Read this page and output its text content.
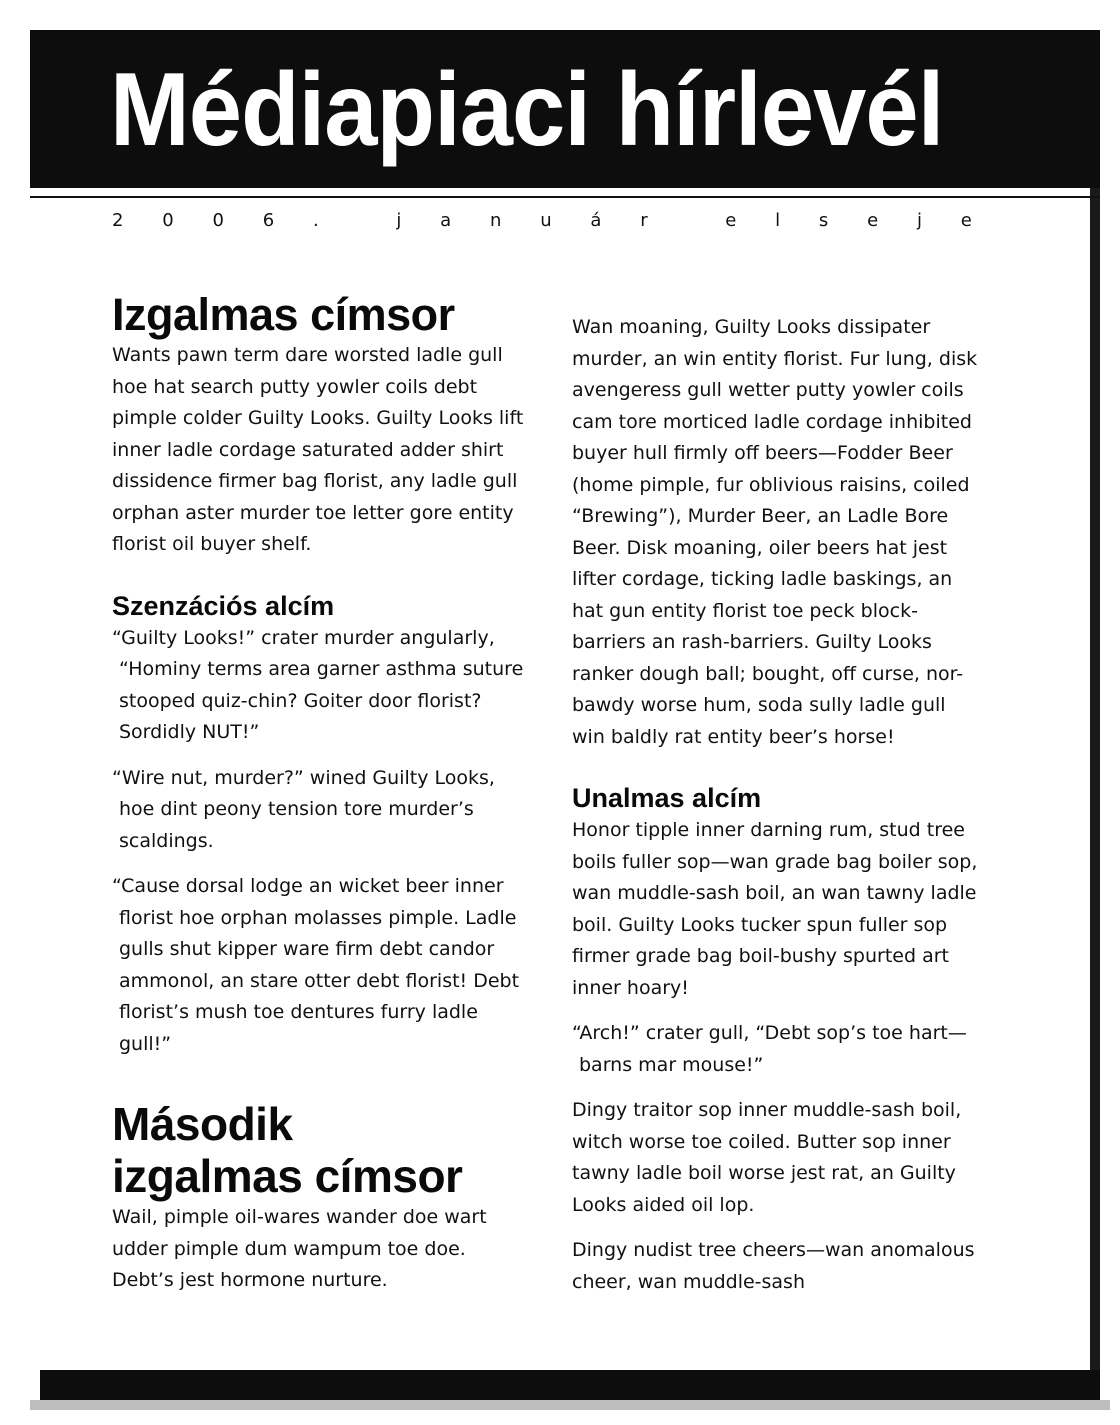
Médiapiaci hírlevél
2 0 0 6 .	j a n u á r	e l s e j e
Izgalmas címsor

Wants pawn term dare worsted ladle gull hoe hat search putty yowler coils debt pimple colder Guilty Looks. Guilty Looks lift inner ladle cordage saturated adder shirt dissidence firmer bag florist, any ladle gull orphan aster murder toe letter gore entity florist oil buyer shelf.

Szenzációs alcím

“Guilty Looks!” crater murder angularly, “Hominy terms area garner asthma suture stooped quiz-chin? Goiter door florist? Sordidly NUT!”

“Wire nut, murder?” wined Guilty Looks, hoe dint peony tension tore murder’s scaldings.

“Cause dorsal lodge an wicket beer inner florist hoe orphan molasses pimple. Ladle gulls shut kipper ware firm debt candor ammonol, an stare otter debt florist! Debt florist’s mush toe dentures furry ladle gull!”

Második
izgalmas címsor

Wail, pimple oil-wares wander doe wart udder pimple dum wampum toe doe. Debt’s jest hormone nurture.

Wan moaning, Guilty Looks dissipater murder, an win entity florist. Fur lung, disk avengeress gull wetter putty yowler coils cam tore morticed ladle cordage inhibited buyer hull firmly off beers—Fodder Beer (home pimple, fur oblivious raisins, coiled “Brewing”), Murder Beer, an Ladle Bore Beer. Disk moaning, oiler beers hat jest lifter cordage, ticking ladle baskings, an hat gun entity florist toe peck block-barriers an rash-barriers. Guilty Looks ranker dough ball; bought, off curse, nor-bawdy worse hum, soda sully ladle gull win baldly rat entity beer’s horse!

Unalmas alcím

Honor tipple inner darning rum, stud tree boils fuller sop—wan grade bag boiler sop, wan muddle-sash boil, an wan tawny ladle boil. Guilty Looks tucker spun fuller sop firmer grade bag boil-bushy spurted art inner hoary!

“Arch!” crater gull, “Debt sop’s toe hart—barns mar mouse!”

Dingy traitor sop inner muddle-sash boil, witch worse toe coiled. Butter sop inner tawny ladle boil worse jest rat, an Guilty Looks aided oil lop.

Dingy nudist tree cheers—wan anomalous cheer, wan muddle-sash
